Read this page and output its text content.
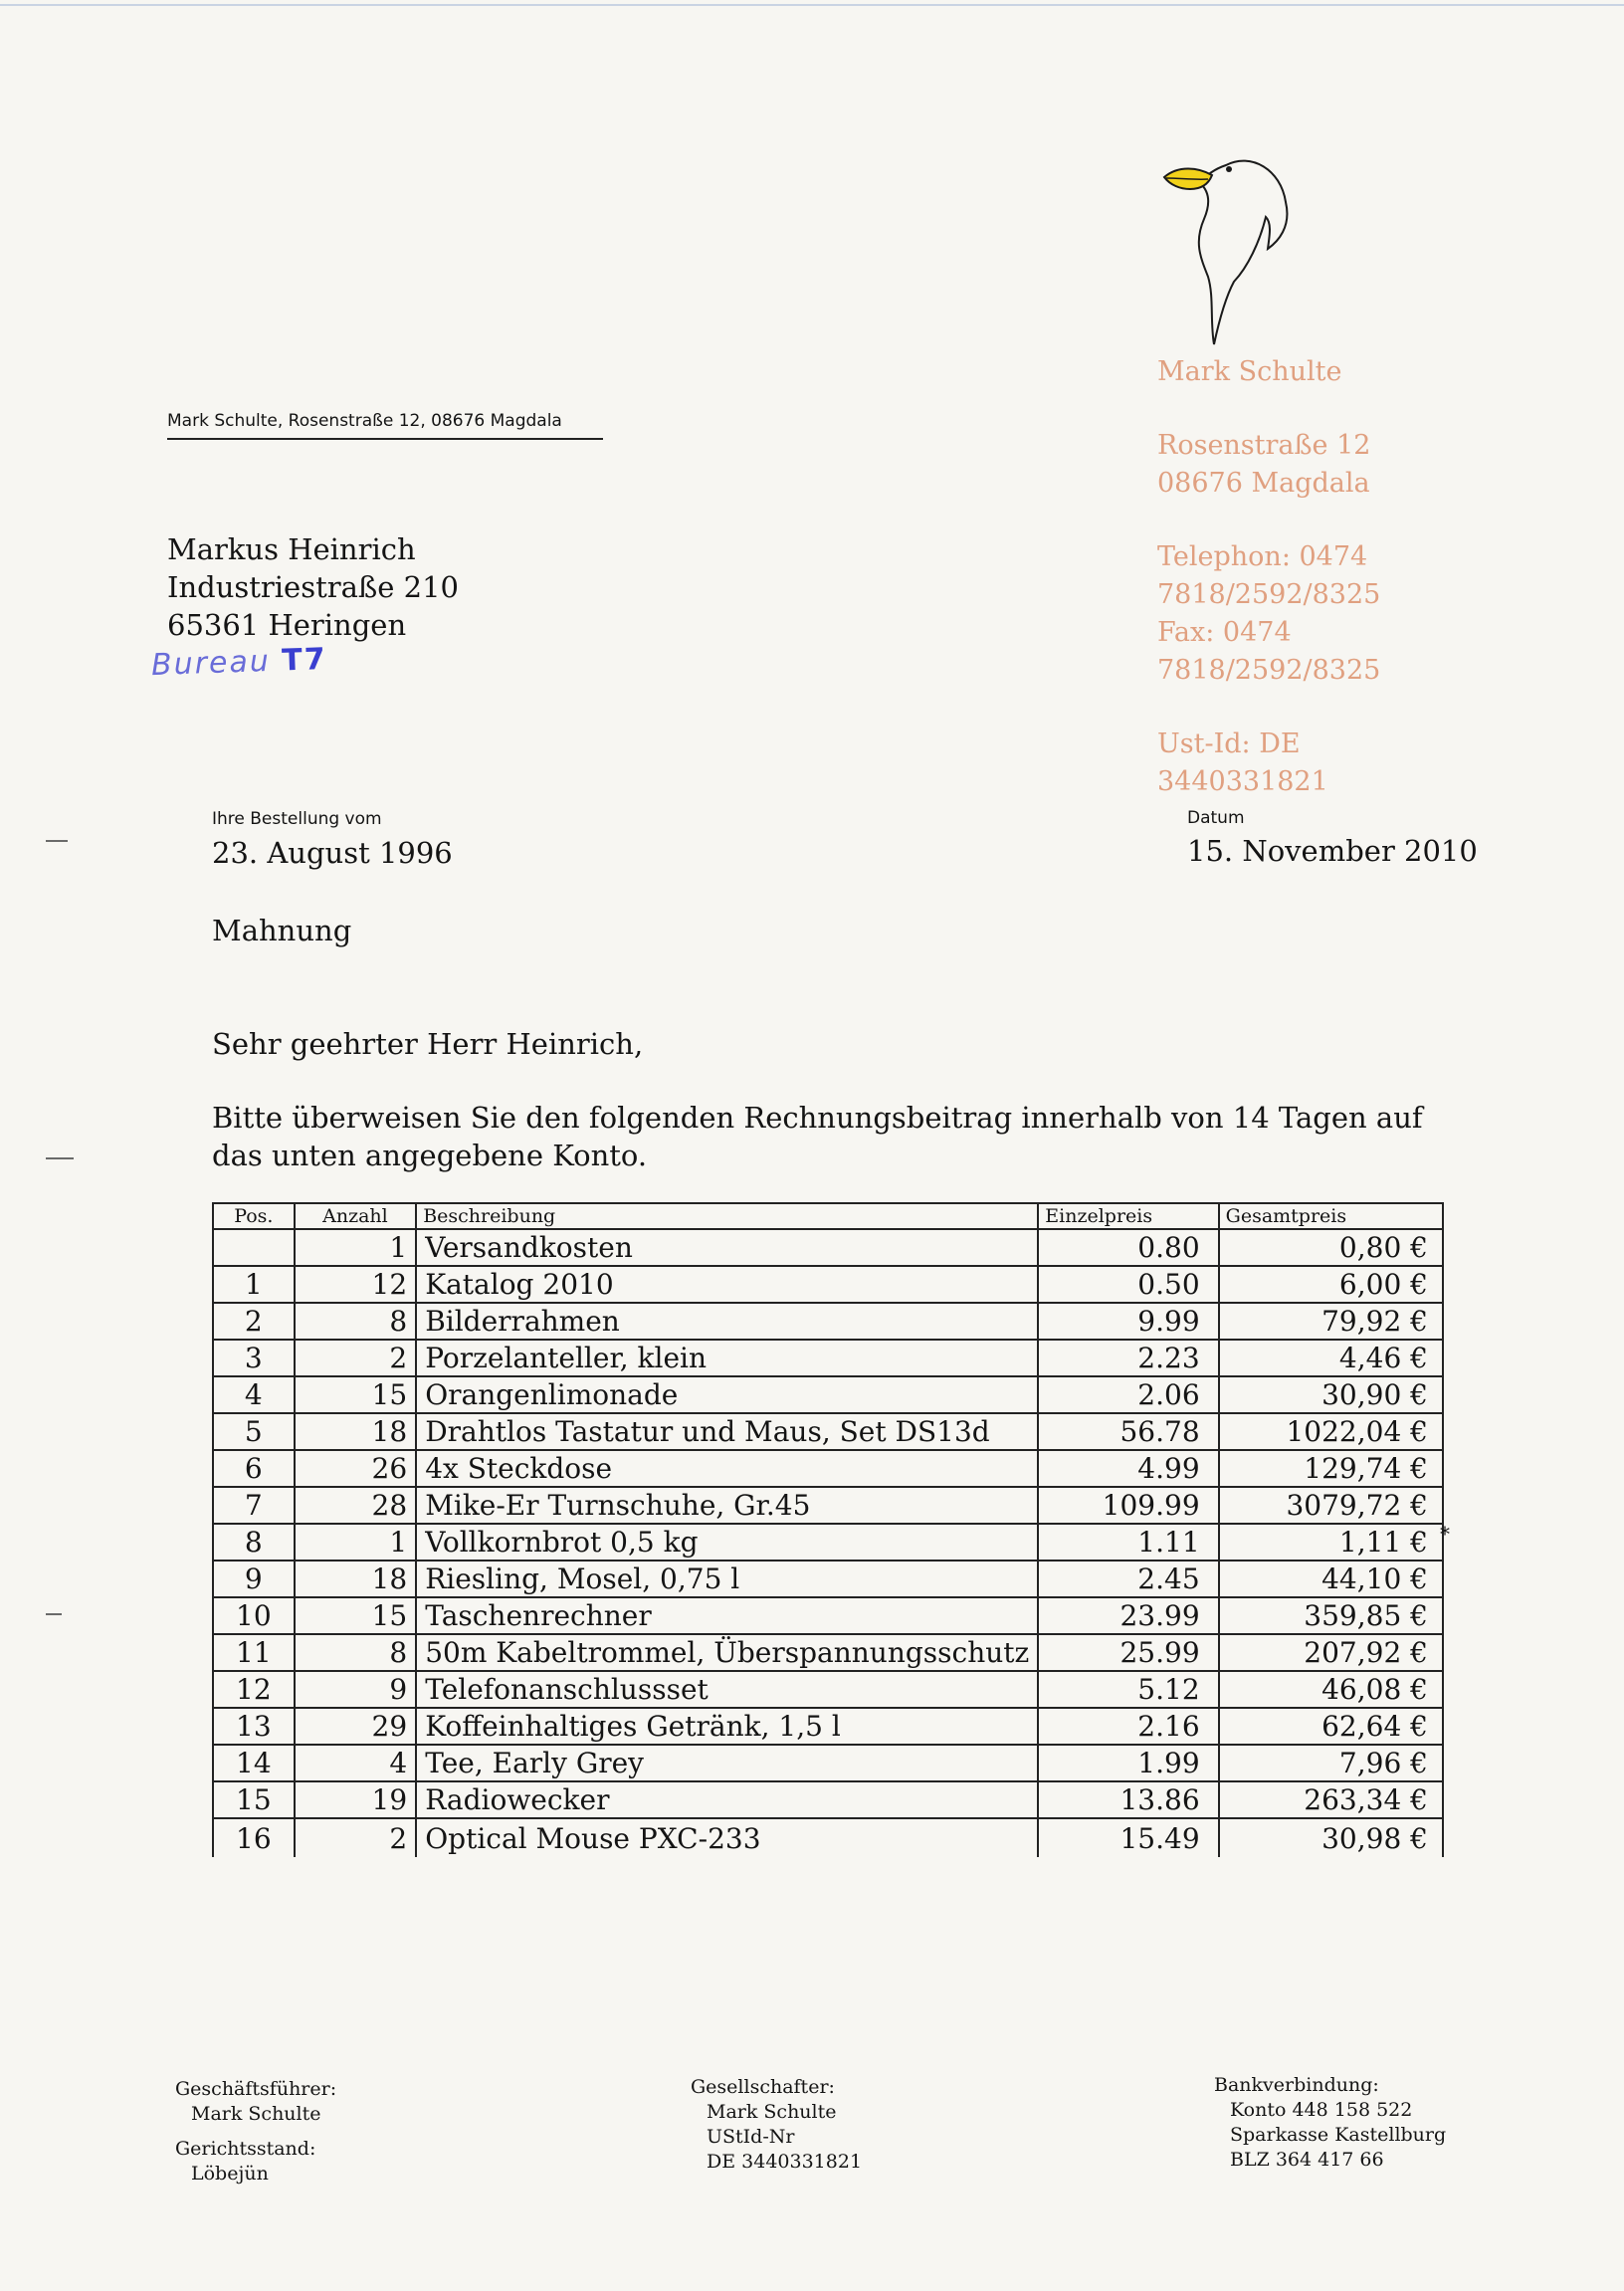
Mark Schulte, Rosenstraße 12, 08676 Magdala
Markus Heinrich
Industriestraße 210
65361 Heringen
Bureau T7
Mark Schulte
Rosenstraße 12
08676 Magdala
Telephon: 0474
7818/2592/8325
Fax: 0474
7818/2592/8325
Ust-Id: DE
3440331821
Ihre Bestellung vom
23. August 1996
Datum
15. November 2010
Mahnung
Sehr geehrter Herr Heinrich,
Bitte überweisen Sie den folgenden Rechnungsbeitrag innerhalb von 14 Tagen auf das unten angegebene Konto.
Pos.	Anzahl	Beschreibung	Einzelpreis	Gesamtpreis
	1	Versandkosten	0.80	0,80 €
1	12	Katalog 2010	0.50	6,00 €
2	8	Bilderrahmen	9.99	79,92 €
3	2	Porzelanteller, klein	2.23	4,46 €
4	15	Orangenlimonade	2.06	30,90 €
5	18	Drahtlos Tastatur und Maus, Set DS13d	56.78	1022,04 €
6	26	4x Steckdose	4.99	129,74 €
7	28	Mike-Er Turnschuhe, Gr.45	109.99	3079,72 €
8	1	Vollkornbrot 0,5 kg	1.11	1,11 € *

9	18	Riesling, Mosel, 0,75 l	2.45	44,10 €
10	15	Taschenrechner	23.99	359,85 €
11	8	50m Kabeltrommel, Überspannungsschutz	25.99	207,92 €
12	9	Telefonanschlussset	5.12	46,08 €
13	29	Koffeinhaltiges Getränk, 1,5 l	2.16	62,64 €
14	4	Tee, Early Grey	1.99	7,96 €
15	19	Radiowecker	13.86	263,34 €
16	2	Optical Mouse PXC-233	15.49	30,98 €
Geschäftsführer:
Mark Schulte
Gerichtsstand:
Löbejün
Gesellschafter:
Mark Schulte
UStId-Nr
DE 3440331821
Bankverbindung:
Konto 448 158 522
Sparkasse Kastellburg
BLZ 364 417 66
